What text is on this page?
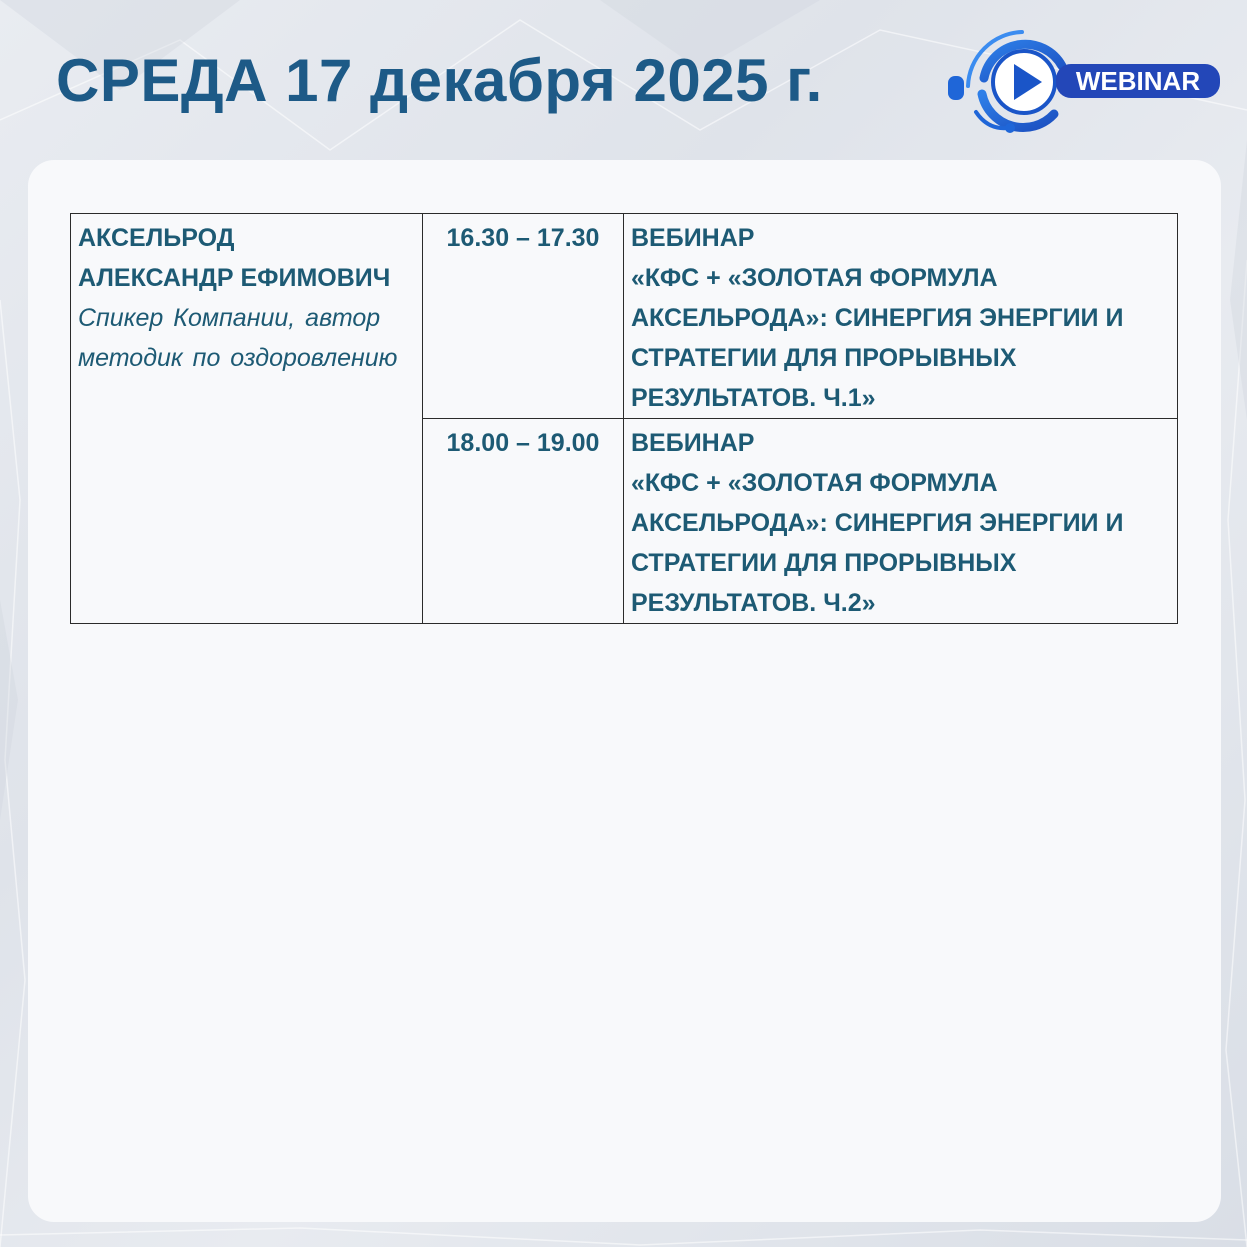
СРЕДА 17 декабря 2025 г.	WEBINAR
АКСЕЛЬРОД
АЛЕКСАНДР ЕФИМОВИЧ
Спикер Компании, автор
методик по оздоровлению	16.30 – 17.30	ВЕБИНАР
«КФС + «ЗОЛОТАЯ ФОРМУЛА
АКСЕЛЬРОДА»: СИНЕРГИЯ ЭНЕРГИИ И
СТРАТЕГИИ ДЛЯ ПРОРЫВНЫХ
РЕЗУЛЬТАТОВ. Ч.1»

	18.00 – 19.00	ВЕБИНАР
«КФС + «ЗОЛОТАЯ ФОРМУЛА
АКСЕЛЬРОДА»: СИНЕРГИЯ ЭНЕРГИИ И
СТРАТЕГИИ ДЛЯ ПРОРЫВНЫХ
РЕЗУЛЬТАТОВ. Ч.2»
